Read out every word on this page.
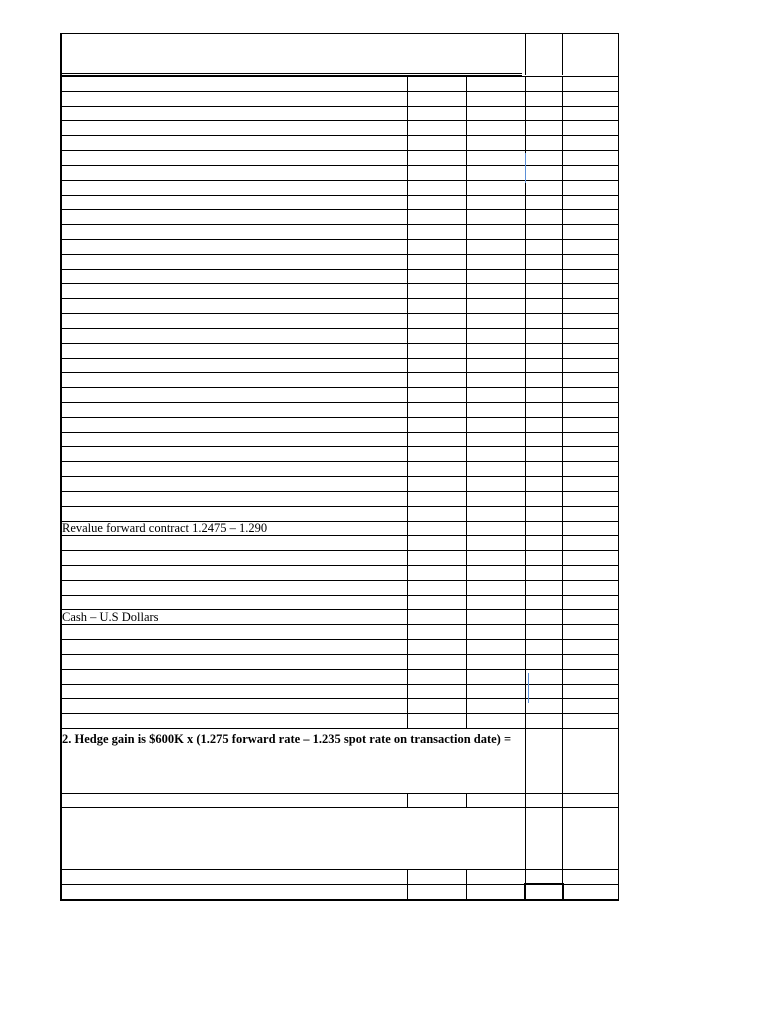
Revalue forward contract 1.2475 – 1.290
Cash – U.S Dollars
2. Hedge gain is $600K x (1.275 forward rate – 1.235 spot rate on transaction date) =
